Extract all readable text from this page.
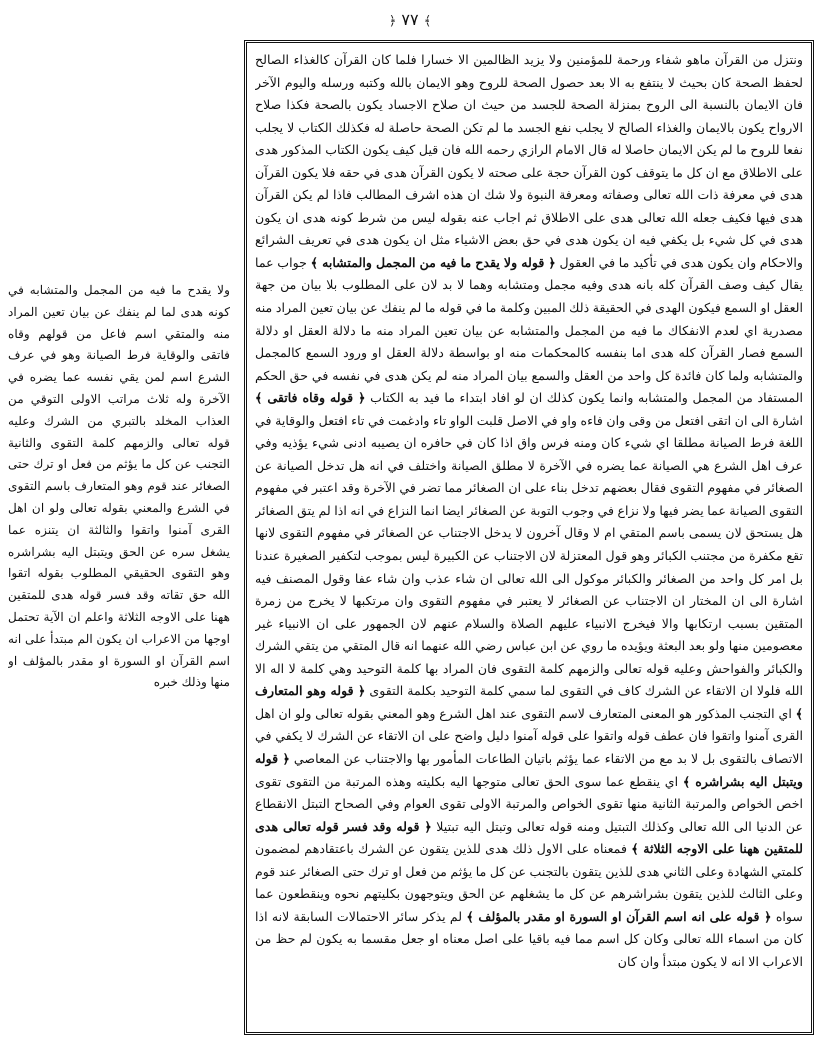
﴿ ٧٧ ﴾

ونتزل من القرآن ماهو شفاء ورحمة للمؤمنين ولا يزيد الظالمين الا خسارا فلما كان القرآن كالغذاء الصالح لحفظ الصحة كان بحيث لا ينتفع به الا بعد حصول الصحة للروح وهو الايمان بالله وكتبه ورسله واليوم الآخر فان الايمان بالنسبة الى الروح بمنزلة الصحة للجسد من حيث ان صلاح الاجساد يكون بالصحة فكذا صلاح الارواح يكون بالايمان والغذاء الصالح لا يجلب نفع الجسد ما لم تكن الصحة حاصلة له فكذلك الكتاب لا يجلب نفعا للروح ما لم يكن الايمان حاصلا له قال الامام الرازي رحمه الله فان قيل كيف يكون الكتاب المذكور هدى على الاطلاق مع ان كل ما يتوقف كون القرآن حجة على صحته لا يكون القرآن هدى في حقه فلا يكون القرآن هدى في معرفة ذات الله تعالى وصفاته ومعرفة النبوة ولا شك ان هذه اشرف المطالب فاذا لم يكن القرآن هدى فيها فكيف جعله الله تعالى هدى على الاطلاق ثم اجاب عنه بقوله ليس من شرط كونه هدى ان يكون هدى في كل شيء بل يكفي فيه ان يكون هدى في حق بعض الاشياء مثل ان يكون هدى في تعريف الشرائع والاحكام وان يكون هدى في تأكيد ما في العقول ﴿ قوله ولا يقدح ما فيه من المجمل والمتشابه ﴾ جواب عما يقال كيف وصف القرآن كله بانه هدى وفيه مجمل ومتشابه وهما لا بد لان على المطلوب بلا بيان من جهة العقل او السمع فيكون الهدى في الحقيقة ذلك المبين وكلمة ما في قوله ما لم ينفك عن بيان تعين المراد منه مصدرية اي لعدم الانفكاك ما فيه من المجمل والمتشابه عن بيان تعين المراد منه ما دلالة العقل او دلالة السمع فصار القرآن كله هدى اما بنفسه كالمحكمات منه او بواسطة دلالة العقل او ورود السمع كالمجمل والمتشابه ولما كان فائدة كل واحد من العقل والسمع بيان المراد منه لم يكن هدى في نفسه في حق الحكم المستفاد من المجمل والمتشابه وانما يكون كذلك ان لو افاد ابتداء ما فيد به الكتاب ﴿ قوله وقاه فاتقى ﴾ اشارة الى ان اتقى افتعل من وقى وان فاءه واو في الاصل قلبت الواو تاء وادغمت في تاء افتعل والوقاية في اللغة فرط الصيانة مطلقا اي شيء كان ومنه فرس واق اذا كان في حافره ان يصيبه ادنى شيء يؤذيه وفي عرف اهل الشرع هي الصيانة عما يضره في الآخرة لا مطلق الصيانة واختلف في انه هل تدخل الصيانة عن الصغائر في مفهوم التقوى فقال بعضهم تدخل بناء على ان الصغائر مما تضر في الآخرة وقد اعتبر في مفهوم التقوى الصيانة عما يضر فيها ولا نزاع في وجوب التوبة عن الصغائر ايضا انما النزاع في انه اذا لم يتق الصغائر هل يستحق لان يسمى باسم المتقي ام لا وقال آخرون لا يدخل الاجتناب عن الصغائر في مفهوم التقوى لانها تقع مكفرة من مجتنب الكبائر وهو قول المعتزلة لان الاجتناب عن الكبيرة ليس بموجب لتكفير الصغيرة عندنا بل امر كل واحد من الصغائر والكبائر موكول الى الله تعالى ان شاء عذب وان شاء عفا وقول المصنف فيه اشارة الى ان المختار ان الاجتناب عن الصغائر لا يعتبر في مفهوم التقوى وان مرتكبها لا يخرج من زمرة المتقين بسبب ارتكابها والا فيخرج الانبياء عليهم الصلاة والسلام عنهم لان الجمهور على ان الانبياء غير معصومين منها ولو بعد البعثة ويؤيده ما روي عن ابن عباس رضي الله عنهما انه قال المتقي من يتقي الشرك والكبائر والفواحش وعليه قوله تعالى والزمهم كلمة التقوى فان المراد بها كلمة التوحيد وهي كلمة لا اله الا الله فلولا ان الاتقاء عن الشرك كاف في التقوى لما سمي كلمة التوحيد بكلمة التقوى ﴿ قوله وهو المتعارف ﴾ اي التجنب المذكور هو المعنى المتعارف لاسم التقوى عند اهل الشرع وهو المعني بقوله تعالى ولو ان اهل القرى آمنوا واتقوا فان عطف قوله واتقوا على قوله آمنوا دليل واضح على ان الاتقاء عن الشرك لا يكفي في الاتصاف بالتقوى بل لا بد مع من الاتقاء عما يؤثم باتيان الطاعات المأمور بها والاجتناب عن المعاصي ﴿ قوله ويتبتل اليه بشراشره ﴾ اي ينقطع عما سوى الحق تعالى متوجها اليه بكليته وهذه المرتبة من التقوى تقوى اخص الخواص والمرتبة الثانية منها تقوى الخواص والمرتبة الاولى تقوى العوام وفي الصحاح التبتل الانقطاع عن الدنيا الى الله تعالى وكذلك التبتيل ومنه قوله تعالى وتبتل اليه تبتيلا ﴿ قوله وقد فسر قوله تعالى هدى للمتقين ههنا على الاوجه الثلاثة ﴾ فمعناه على الاول ذلك هدى للذين يتقون عن الشرك باعتقادهم لمضمون كلمتي الشهادة وعلى الثاني هدى للذين يتقون بالتجنب عن كل ما يؤثم من فعل او ترك حتى الصغائر عند قوم وعلى الثالث للذين يتقون بشراشرهم عن كل ما يشغلهم عن الحق ويتوجهون بكليتهم نحوه وينقطعون عما سواه ﴿ قوله على انه اسم القرآن او السورة او مقدر بالمؤلف ﴾ لم يذكر سائر الاحتمالات السابقة لانه اذا كان من اسماء الله تعالى وكان كل اسم مما فيه باقيا على اصل معناه او جعل مقسما به يكون لم حظ من الاعراب الا انه لا يكون مبتدأ وان كان

ولا يقدح ما فيه من المجمل والمتشابه في كونه هدى لما لم ينفك عن بيان تعين المراد منه والمتقي اسم فاعل من قولهم وقاه فاتقى والوقاية فرط الصيانة وهو في عرف الشرع اسم لمن يقي نفسه عما يضره في الآخرة وله ثلاث مراتب الاولى التوقي من العذاب المخلد بالتبري من الشرك وعليه قوله تعالى والزمهم كلمة التقوى والثانية التجنب عن كل ما يؤثم من فعل او ترك حتى الصغائر عند قوم وهو المتعارف باسم التقوى في الشرع والمعني بقوله تعالى ولو ان اهل القرى آمنوا واتقوا والثالثة ان يتنزه عما يشغل سره عن الحق ويتبتل اليه بشراشره وهو التقوى الحقيقي المطلوب بقوله اتقوا الله حق تقاته وقد فسر قوله هدى للمتقين ههنا على الاوجه الثلاثة واعلم ان الآية تحتمل اوجها من الاعراب ان يكون الم مبتدأ على انه اسم القرآن او السورة او مقدر بالمؤلف او منها وذلك خبره
